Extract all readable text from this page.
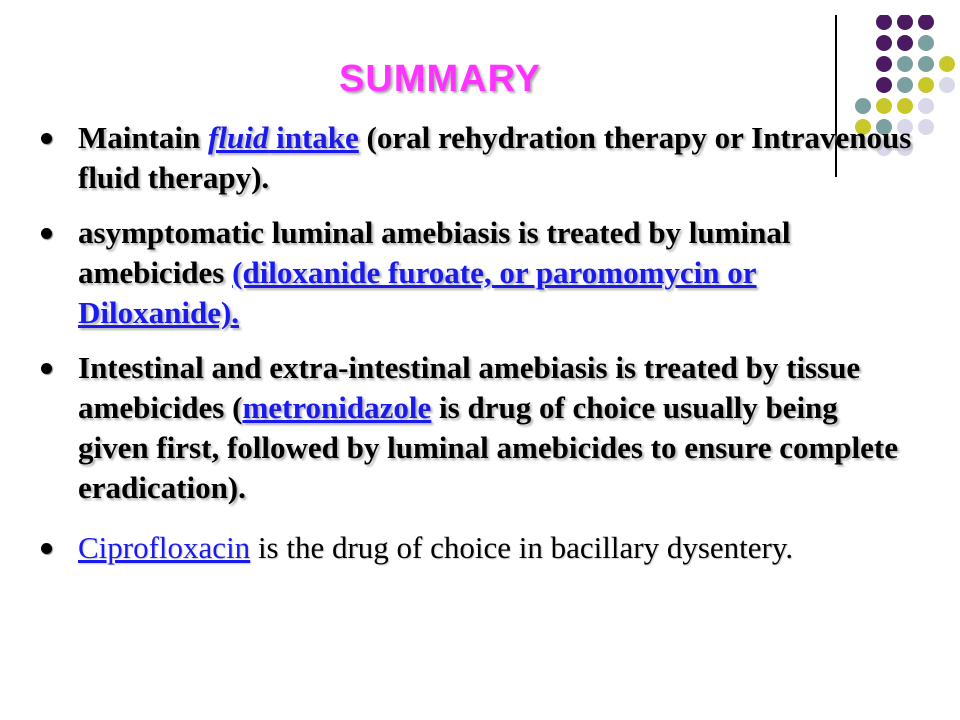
SUMMARY
Maintain fluid intake (oral rehydration therapy or Intravenous fluid therapy).
asymptomatic luminal amebiasis is treated by luminal amebicides (diloxanide furoate, or paromomycin or Diloxanide).
Intestinal and extra-intestinal amebiasis is treated by tissue amebicides (metronidazole is drug of choice usually being given first, followed by luminal amebicides to ensure complete eradication).
Ciprofloxacin is the drug of choice in bacillary dysentery.
